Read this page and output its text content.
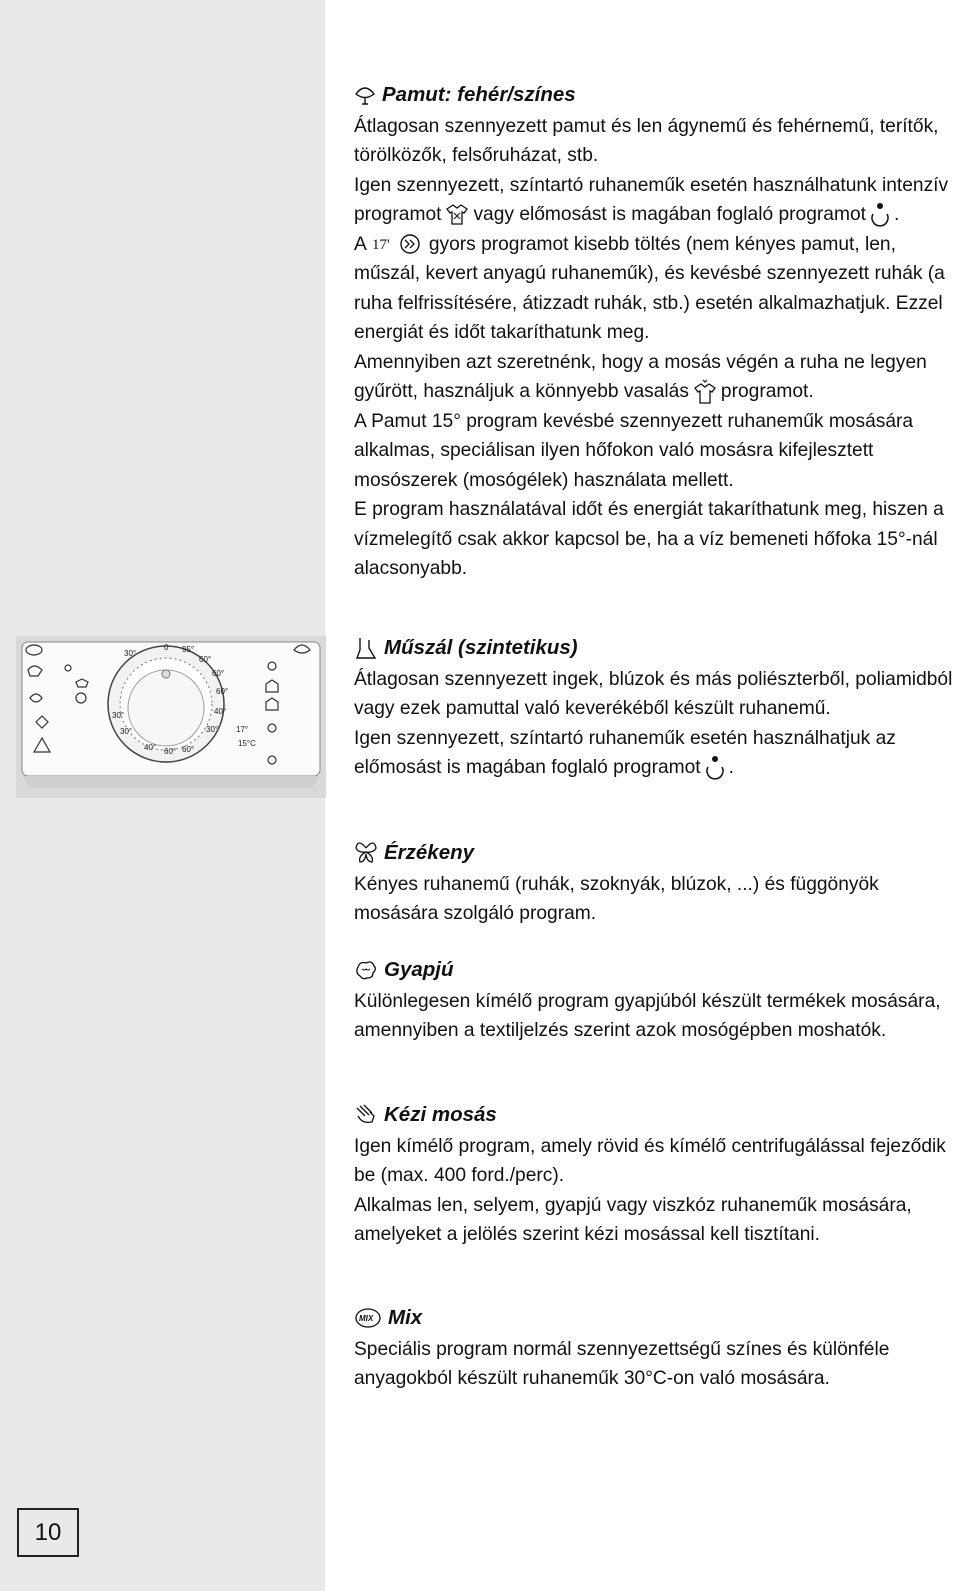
30°
0 95°
60°
60°
60°
40°
30°
30°
30°
40° 60° 60°
17°
15°C
10
Pamut: fehér/színes

Átlagosan szennyezett pamut és len ágynemű és fehérnemű, terítők, törölközők, felsőruházat, stb.

Igen szennyezett, színtartó ruhaneműk esetén használhatunk intenzív programot vagy előmosást is magában foglaló programot .

A 17' gyors programot kisebb töltés (nem kényes pamut, len, műszál, kevert anyagú ruhaneműk), és kevésbé szennyezett ruhák (a ruha felfrissítésére, átizzadt ruhák, stb.) esetén alkalmazhatjuk. Ezzel energiát és időt takaríthatunk meg.

Amennyiben azt szeretnénk, hogy a mosás végén a ruha ne legyen gyűrött, használjuk a könnyebb vasalás programot.

A Pamut 15° program kevésbé szennyezett ruhaneműk mosására alkalmas, speciálisan ilyen hőfokon való mosásra kifejlesztett mosószerek (mosógélek) használata mellett.

E program használatával időt és energiát takaríthatunk meg, hiszen a vízmelegítő csak akkor kapcsol be, ha a víz bemeneti hőfoka 15°-nál alacsonyabb.

Műszál (szintetikus)

Átlagosan szennyezett ingek, blúzok és más poliészterből, poliamidból vagy ezek pamuttal való keverékéből készült ruhanemű.

Igen szennyezett, színtartó ruhaneműk esetén használhatjuk az előmosást is magában foglaló programot .

Érzékeny

Kényes ruhanemű (ruhák, szoknyák, blúzok, ...) és függönyök mosására szolgáló program.

Gyapjú

Különlegesen kímélő program gyapjúból készült termékek mosására, amennyiben a textiljelzés szerint azok mosógépben moshatók.

Kézi mosás

Igen kímélő program, amely rövid és kímélő centrifugálással fejeződik be (max. 400 ford./perc).

Alkalmas len, selyem, gyapjú vagy viszkóz ruhaneműk mosására, amelyeket a jelölés szerint kézi mosással kell tisztítani.

MIX Mix

Speciális program normál szennyezettségű színes és különféle anyagokból készült ruhaneműk 30°C-on való mosására.
